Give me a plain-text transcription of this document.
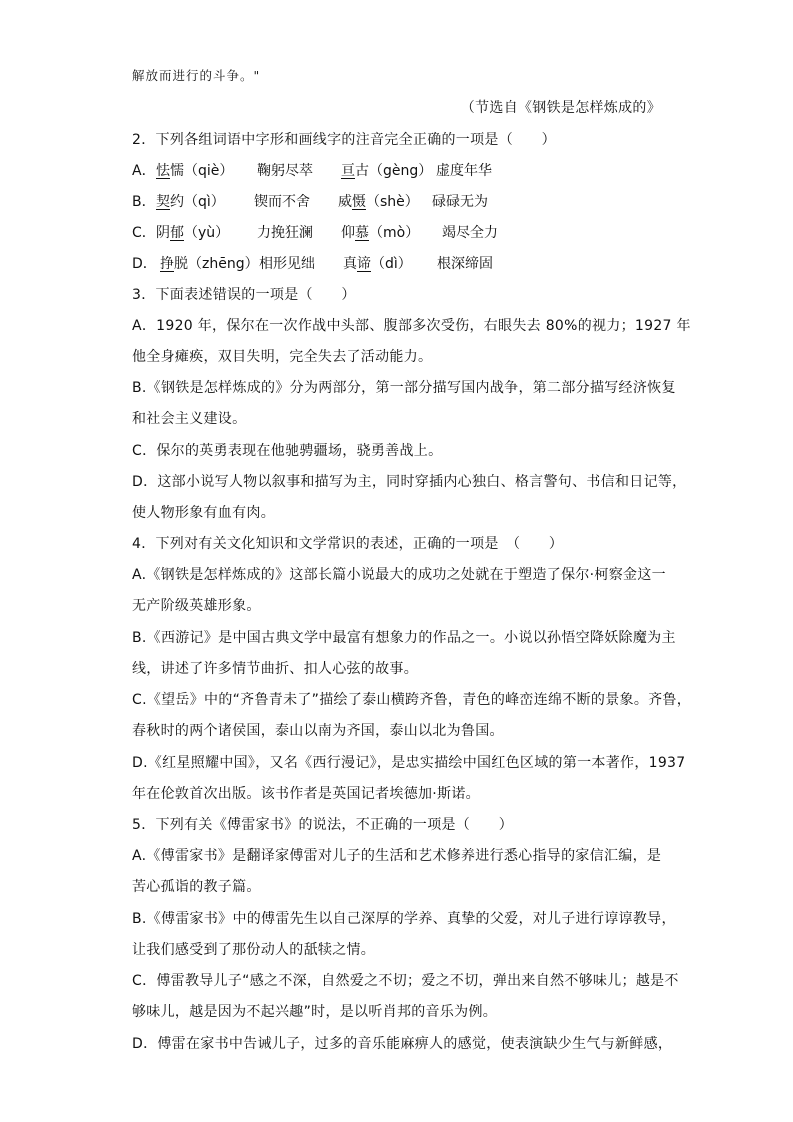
解放而进行的斗争。"
（节选自《钢铁是怎样炼成的》
2．下列各组词语中字形和画线字的注音完全正确的一项是（　　）
A． 怯懦（qiè） 鞠躬尽萃 亘古（gèng） 虚度年华
B． 契约（qì） 锲而不舍 威慑（shè） 碌碌无为
C． 阴郁（yù） 力挽狂澜 仰慕（mò） 竭尽全力
D． 挣脱（zhēng） 相形见绌 真谛（dì） 根深缔固
3．下面表述错误的一项是（　　）
A．1920 年，保尔在一次作战中头部、腹部多次受伤，右眼失去 80%的视力；1927 年
他全身瘫痪，双目失明，完全失去了活动能力。
B.《钢铁是怎样炼成的》分为两部分，第一部分描写国内战争，第二部分描写经济恢复
和社会主义建设。
C．保尔的英勇表现在他驰骋疆场，骁勇善战上。
D．这部小说写人物以叙事和描写为主，同时穿插内心独白、格言警句、书信和日记等，
使人物形象有血有肉。
4．下列对有关文化知识和文学常识的表述，正确的一项是　（　　）
A.《钢铁是怎样炼成的》这部长篇小说最大的成功之处就在于塑造了保尔·柯察金这一
无产阶级英雄形象。
B.《西游记》是中国古典文学中最富有想象力的作品之一。小说以孙悟空降妖除魔为主
线，讲述了许多情节曲折、扣人心弦的故事。
C.《望岳》中的“齐鲁青未了”描绘了泰山横跨齐鲁，青色的峰峦连绵不断的景象。齐鲁，
春秋时的两个诸侯国，泰山以南为齐国，泰山以北为鲁国。
D.《红星照耀中国》，又名《西行漫记》，是忠实描绘中国红色区域的第一本著作，1937
年在伦敦首次出版。该书作者是英国记者埃德加·斯诺。
5．下列有关《傅雷家书》的说法，不正确的一项是（　　）
A.《傅雷家书》是翻译家傅雷对儿子的生活和艺术修养进行悉心指导的家信汇编，是
苦心孤诣的教子篇。
B.《傅雷家书》中的傅雷先生以自己深厚的学养、真挚的父爱，对儿子进行谆谆教导，
让我们感受到了那份动人的舐犊之情。
C．傅雷教导儿子“感之不深，自然爱之不切；爱之不切，弹出来自然不够味儿；越是不
够味儿，越是因为不起兴趣”时，是以听肖邦的音乐为例。
D．傅雷在家书中告诫儿子，过多的音乐能麻痹人的感觉，使表演缺少生气与新鲜感，
